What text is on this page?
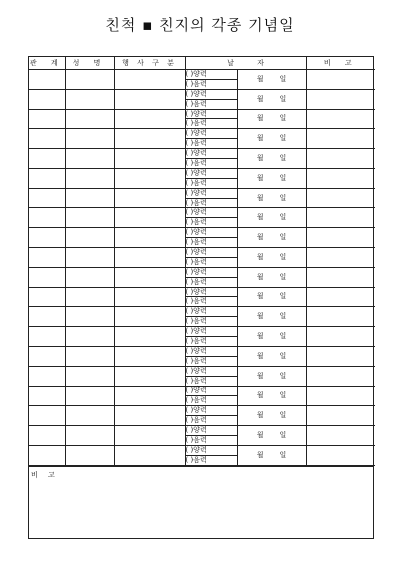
친척 ▪ 친지의 각종 기념일
관 계	성 명	행 사 구 분	날 자		비 고
			( )양력	월 일	
			( )음력		
			( )양력	월 일	
			( )음력		
			( )양력	월 일	
			( )음력		
			( )양력	월 일	
			( )음력		
			( )양력	월 일	
			( )음력		
			( )양력	월 일	
			( )음력		
			( )양력	월 일	
			( )음력		
			( )양력	월 일	
			( )음력		
			( )양력	월 일	
			( )음력		
			( )양력	월 일	
			( )음력		
			( )양력	월 일	
			( )음력		
			( )양력	월 일	
			( )음력		
			( )양력	월 일	
			( )음력		
			( )양력	월 일	
			( )음력		
			( )양력	월 일	
			( )음력		
			( )양력	월 일	
			( )음력		
			( )양력	월 일	
			( )음력		
			( )양력	월 일	
			( )음력		
			( )양력	월 일	
			( )음력		
			( )양력	월 일	
			( )음력		
비 고
